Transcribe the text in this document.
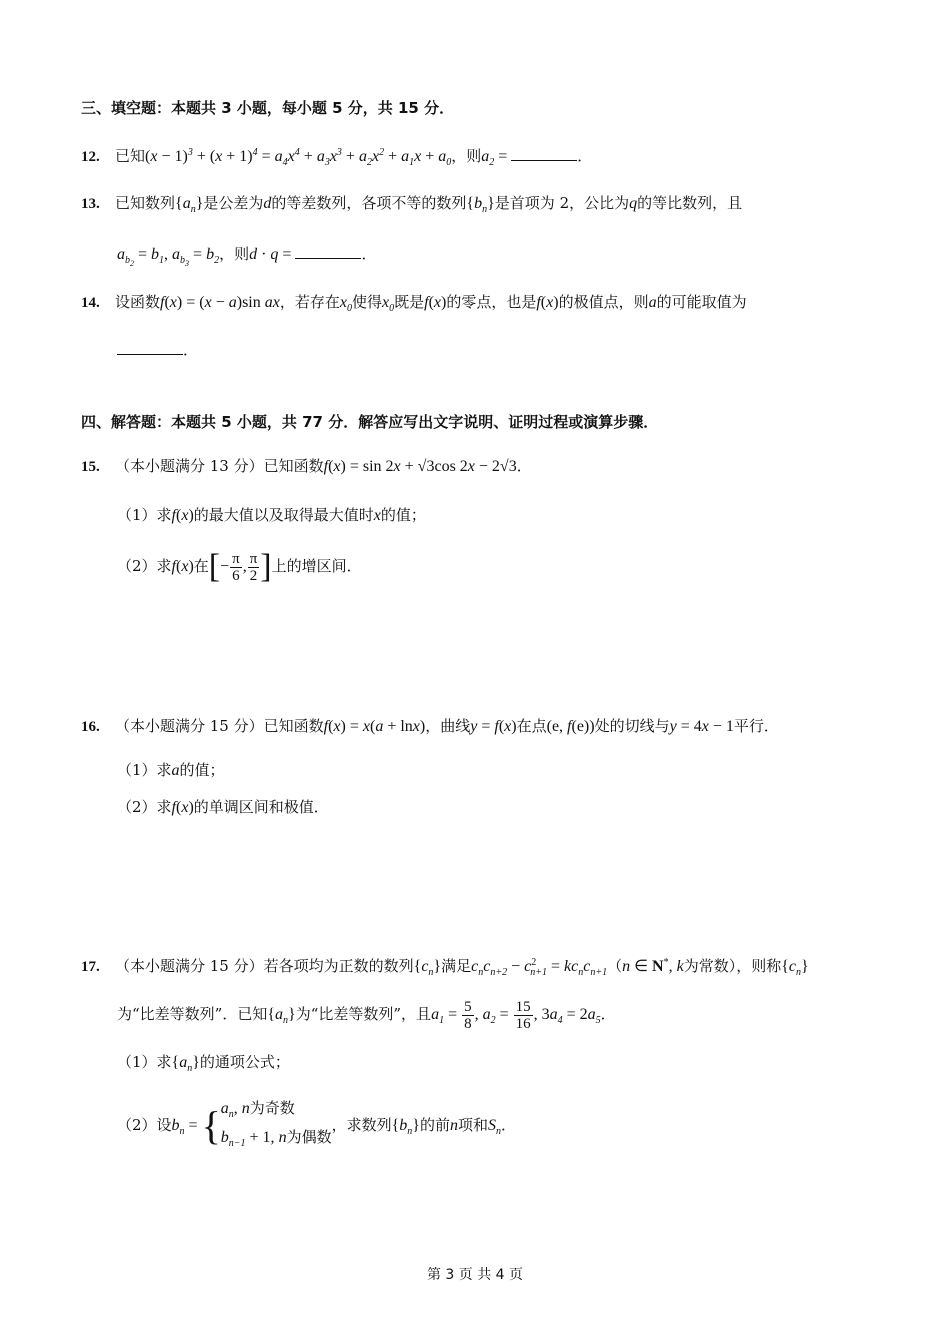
三、填空题：本题共 3 小题，每小题 5 分，共 15 分．
12. 已知$(x - 1)^3 + (x + 1)^4 = a_4x^4 + a_3x^3 + a_2x^2 + a_1x + a_0$，则$a_2$ =	．
13. 已知数列$\{a_n\}$是公差为d的等差数列，各项不等的数列$\{b_n\}$是首项为 2，公比为q的等比数列，且
$a_{b_2} = b_1$, $a_{b_3} = b_2$，则d · q =	．
14. 设函数f(x) = (x − a)sin ax，若存在$x_0$使得$x_0$既是f(x)的零点，也是f(x)的极值点，则a的可能取值为
．
四、解答题：本题共 5 小题，共 77 分．解答应写出文字说明、证明过程或演算步骤．
15. （本小题满分 13 分）已知函数f(x) = sin 2x + √3cos 2x − 2√3．
（1）求f(x)的最大值以及取得最大值时x的值；
（2）求f(x)在[− $\frac{\pi}{6}$ , $\frac{\pi}{2}$ ]上的增区间．
16. （本小题满分 15 分）已知函数f(x) = x(a + lnx)，曲线y = f(x)在点(e, f(e))处的切线与y = 4x − 1平行．
（1）求a的值；
（2）求f(x)的单调区间和极值．
17. （本小题满分 15 分）若各项均为正数的数列$\{c_n\}$满足$c_nc_{n+2} - c^2_{n+1} = kc_nc_{n+1}(n$ ∈ N*, k为常数），则称$\{c_n\}$
为“比差等数列”．已知$\{a_n\}$为“比差等数列”，且$a_1 = \frac{5}{8}$ , $a_2 = \frac{15}{16}$ , $3a_4 = 2a_5$．
（1）求$\{a_n\}$的通项公式；
（2）设$b_n$ = { $a_n$, n为奇数
$b_{n-1} + 1$, n为偶数
，求数列$\{b_n\}$的前n项和$S_n$．
第 3 页 共 4 页
